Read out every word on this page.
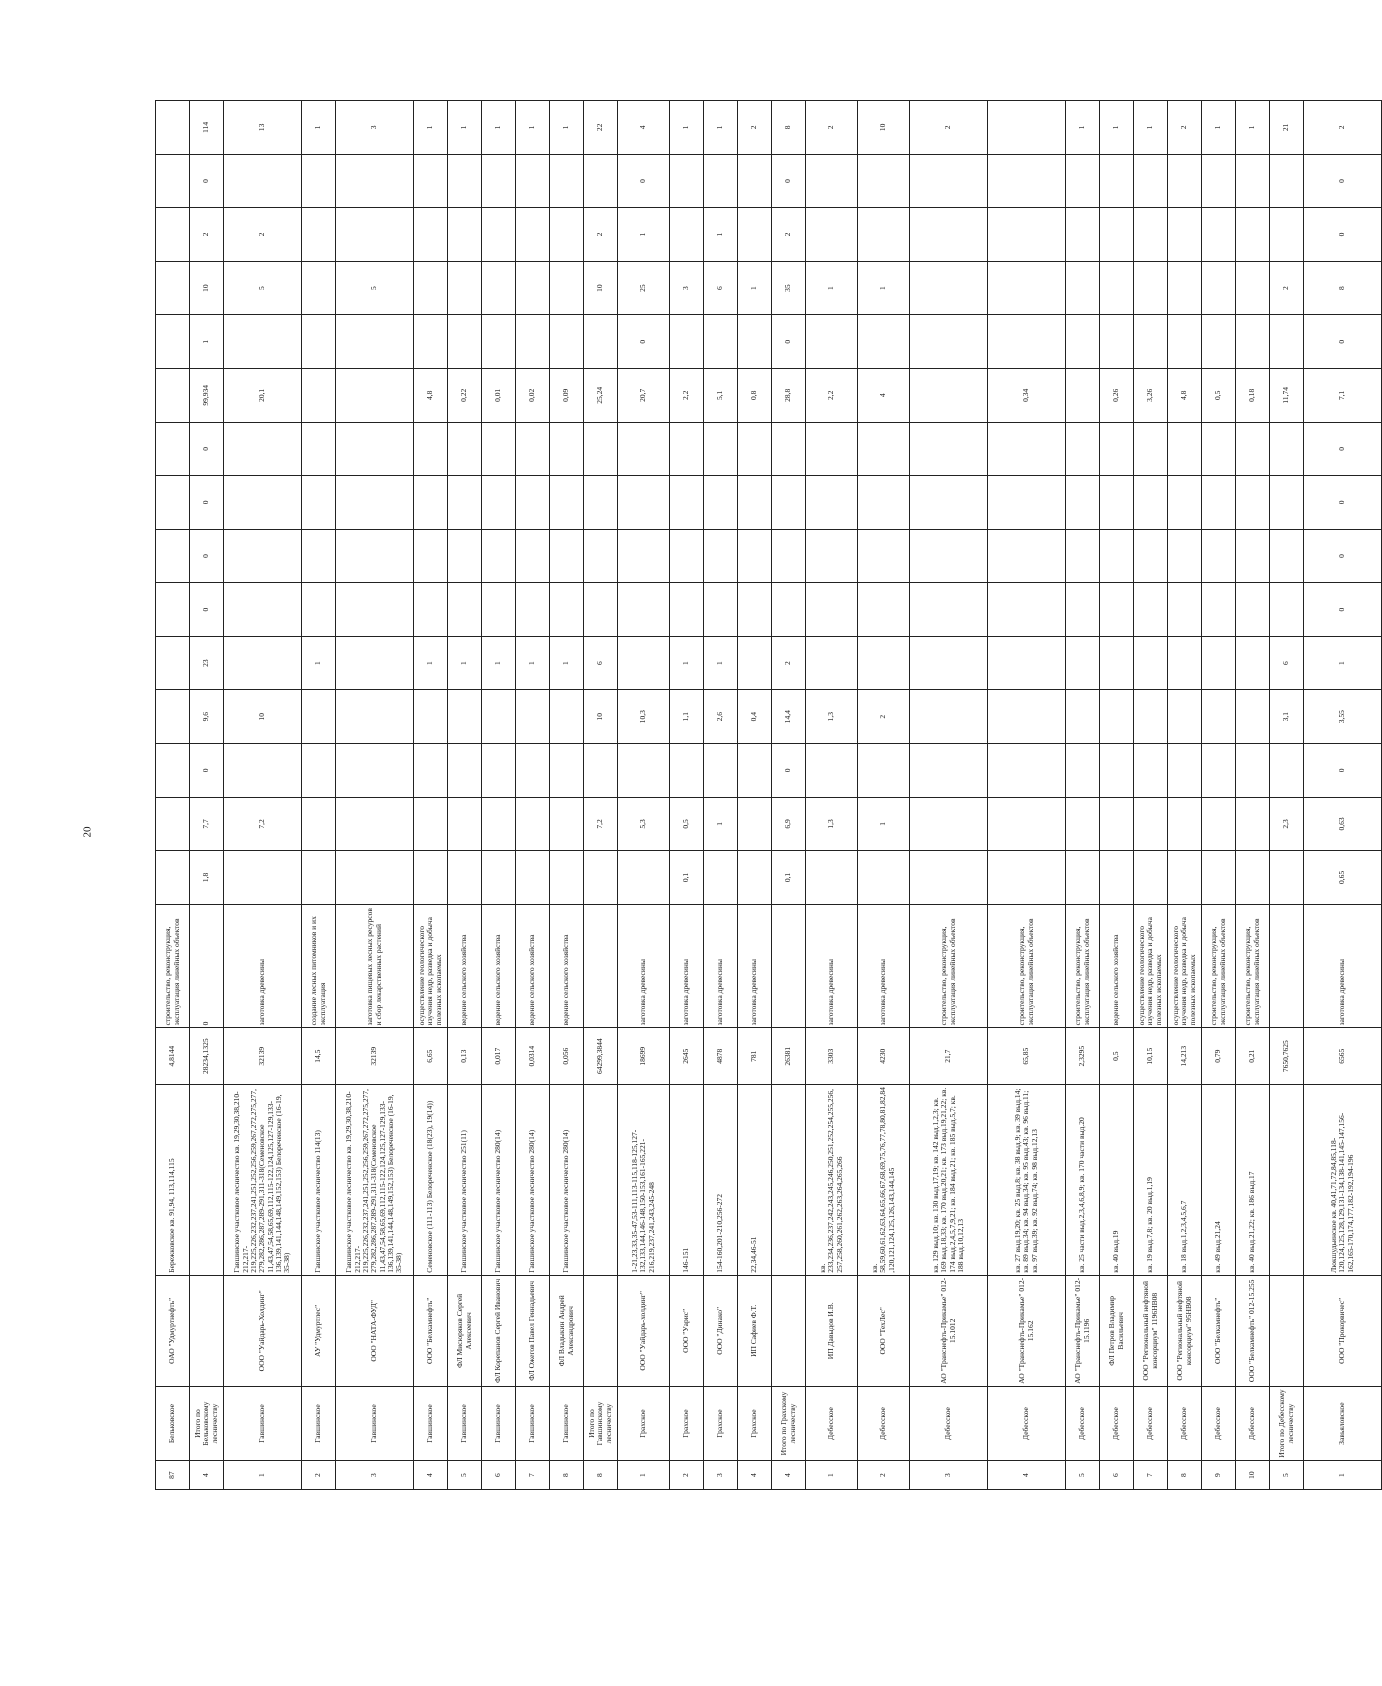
20
87	Бельковское	ОАО "Удмуртнефть"	Бережковское кв. 91,94, 113,114,115	4,8144	строительство, реконструкция, эксплуатация линейных объектов															
4	Итого по Бельковскому лесничеству			28234,1325	0	1,8	7,7	0	9,6	23	0	0	0	0	99,934	1	10	2	0	114
1	Гавшинское	ООО "Уайдарь-Холдинг"	Гавшинское участковое лесничество кв. 19,29,30,38,210-212,217-219,225,226,232,237,241,251,252,256,259,267,272,275,277,279,282,286,287,289-291,311-318(Семеновское 11,43,47,54,58,65,69,112,115-122,124,125,127-129,133-136,139,141,144,148,149,152,153) Белореченское (16-19, 35-38)	32139	заготовка древесины		7,2		10						20,1		5	2		13
2	Гавшинское	АУ "Удмуртлес"	Гавшинское участковое лесничество 114(13)	14,5	создание лесных питомников и их эксплуатация					1										1
3	Гавшинское	ООО "НАТА-ФУД"	Гавшинское участковое лесничество кв. 19,29,30,38,210-212,217-219,225,226,232,237,241,251,252,256,259,267,272,275,277,279,282,286,287,289-291,311-318(Семеновское 11,43,47,54,58,65,69,112,115-122,124,125,127-129,133-136,139,141,144,148,149,152,153) Белореченское (16-19, 35-38)	32139	заготовка пищевых лесных ресурсов и сбор лекарственных растений												5			3
4	Гавшинское	ООО "Белкамнефть"	Семеновское (111-113) Белореченское (18(23), 19(14))	6,65	осуществление геологического изучения недр, разведка и добыча полезных ископаемых					1					4,8					1
5	Гавшинское	ФЛ Мисюряков Сергей Алексеевич	Гавшинское участковое лесничество 251(11)	0,13	ведение сельского хозяйства					1					0,22					1
6	Гавшинское	ФЛ Корепанов Сергей Иванович	Гавшинское участковое лесничество 280(14)	0,017	ведение сельского хозяйства					1					0,01					1
7	Гавшинское	ФЛ Ожегов Павел Геннадьевич	Гавшинское участковое лесничество 280(14)	0,0314	ведение сельского хозяйства					1					0,02					1
8	Гавшинское	ФЛ Владыкин Андрей Александрович	Гавшинское участковое лесничество 280(14)	0,056	ведение сельского хозяйства					1					0,09					1
8	Итого по Гавшинскому лесничеству			64299,3844			7,2		10	6					25,24		10	2		22
1	Грахское	ООО "Уайдарь-холдинг"	1-21,23,33,35-47,53-111,113-115,118-125,127-132,133,144,146-148,150-153,161-165,221-216,219,237,241,243,245-248	18699	заготовка древесины		5,3		10,3						20,7	0	25	1	0	4
2	Грахское	ООО "Уарис"	146-151	2645	заготовка древесины	0,1	0,5		1,1	1					2,2		3			1
3	Грахское	ООО "Динако"	154-160,201-210,256-272	4878	заготовка древесины		1		2,6	1					5,1		6	1		1
4	Грахское	ИП Сафиев Ф.Т.	22,34,46-51	781	заготовка древесины				0,4						0,8		1			2
4	Итого по Грахскому лесничеству			26381		0,1	6,9	0	14,4	2					28,8	0	35	2	0	8
1	Дебесское	ИП Давыдов И.В.	кв. 233,234,236,237,242,243,245,246,250,251,252,254,255,256,257,258,260,261,262,263,264,265,266	3303	заготовка древесины		1,3		1,3						2,2		1			2
2	Дебесское	ООО "ТехЛес"	кв. 58,59,60,61,62,63,64,65,66,67,68,69,75,76,77,78,80,81,82,84,120,121,124,125,126,143,144,145	4230	заготовка древесины		1		2						4		1			10
3	Дебесское	АО "Транснефть-Прикамье" 012-15.1012	кв. 129 выд.10; кв. 130 выд.17,19; кв. 142 выд.1,2,3; кв. 169 выд.18,33; кв. 170 выд.20,21; кв. 173 выд.19,21,22; кв. 174 выд.2,4,5,7,9,21; кв. 184 выд.21; кв. 185 выд.5,7; кв. 188 выд.10,12,13	21,7	строительство, реконструкция, эксплуатация линейных объектов															2
4	Дебесское	АО "Транснефть-Прикамье" 012-15.162	кв. 27 выд.19,20; кв. 25 выд.8; кв. 38 выд.9; кв. 39 выд.14; кв. 89 выд.34; кв. 94 выд.34; кв. 95 выд.43; кв. 96 выд.11; кв. 97 выд.39; кв. 92 выд.74; кв. 98 выд.12,13	65,85	строительство, реконструкция, эксплуатация линейных объектов										0,34					
5	Дебесское	АО "Транснефть-Прикамье" 012-15.1196	кв. 25 части выд.2,3,4,6,8,9; кв. 170 части выд.20	2,3295	строительство, реконструкция, эксплуатация линейных объектов															1
6	Дебесское	ФЛ Петров Владимир Васильевич	кв. 40 выд.19	0,5	ведение сельского хозяйства										0,26					1
7	Дебесское	ООО "Региональный нефтяной консорциум" 1196НВ08	кв. 19 выд.7,8; кв. 20 выд.1,19	10,15	осуществление геологического изучения недр, разведка и добыча полезных ископаемых										3,26					1
8	Дебесское	ООО "Региональный нефтяной консорциум" 95НВ08	кв. 18 выд.1,2,3,4,5,6,7	14,213	осуществление геологического изучения недр, разведка и добыча полезных ископаемых										4,8					2
9	Дебесское	ООО "Белкамнефть"	кв. 49 выд.21,24	0,79	строительство, реконструкция, эксплуатация линейных объектов										0,5					1
10	Дебесское	ООО "Белкамнефть" 012-15.255	кв. 40 выд.21,22; кв. 186 выд.17	0,21	строительство, реконструкция, эксплуатация линейных объектов										0,18					1
5	Итого по Дебесскому лесничеству			7650,7625			2,3		3,1	6					11,74		2			21
1	Завьяловское	ООО "Прокорвичес"	Люкшудьинское кв. 40,41,71,72,84,85,118-120,124,125,128,129,131-134,138-141,145-147,156-162,165-170,174,177,182-192,194-196	6565	заготовка древесины	0,65	0,63	0	3,55	1	0	0	0	0	7,1	0	8	0	0	2
